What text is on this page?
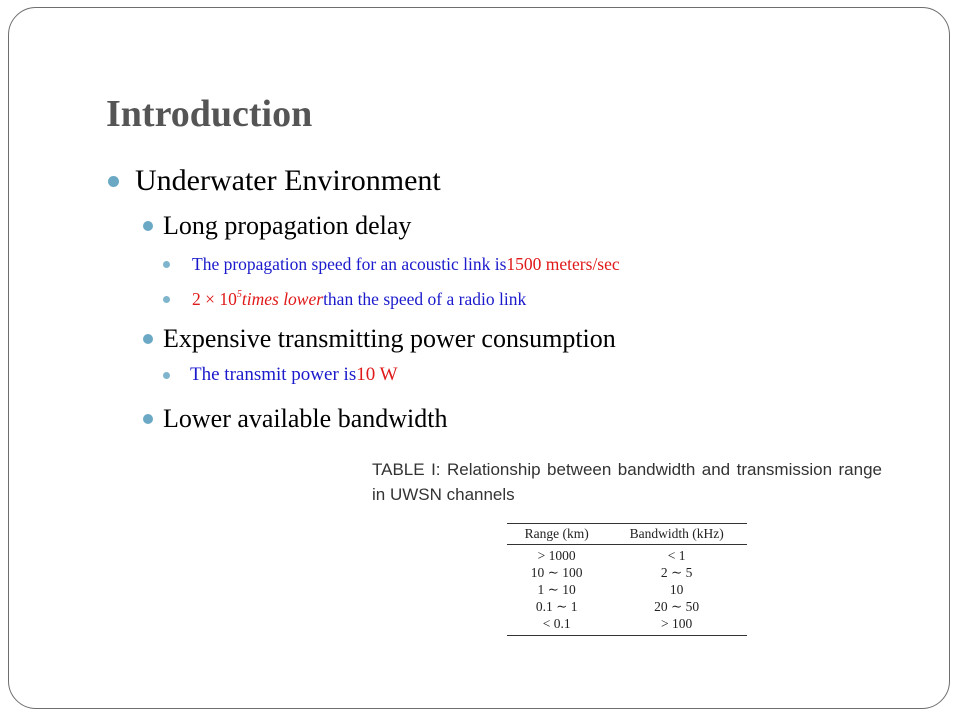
Introduction
Underwater Environment
Long propagation delay
The propagation speed for an acoustic link is 1500 meters/sec
$2 \times 10^5$ times lower than the speed of a radio link
Expensive transmitting power consumption
The transmit power is 10 W
Lower available bandwidth

TABLE I: Relationship between bandwidth and transmission range in UWSN channels

Range (km)	Bandwidth (kHz)
> 1000	< 1
10 ∼ 100	2 ∼ 5
1 ∼ 10	10
0.1 ∼ 1	20 ∼ 50
< 0.1	> 100
